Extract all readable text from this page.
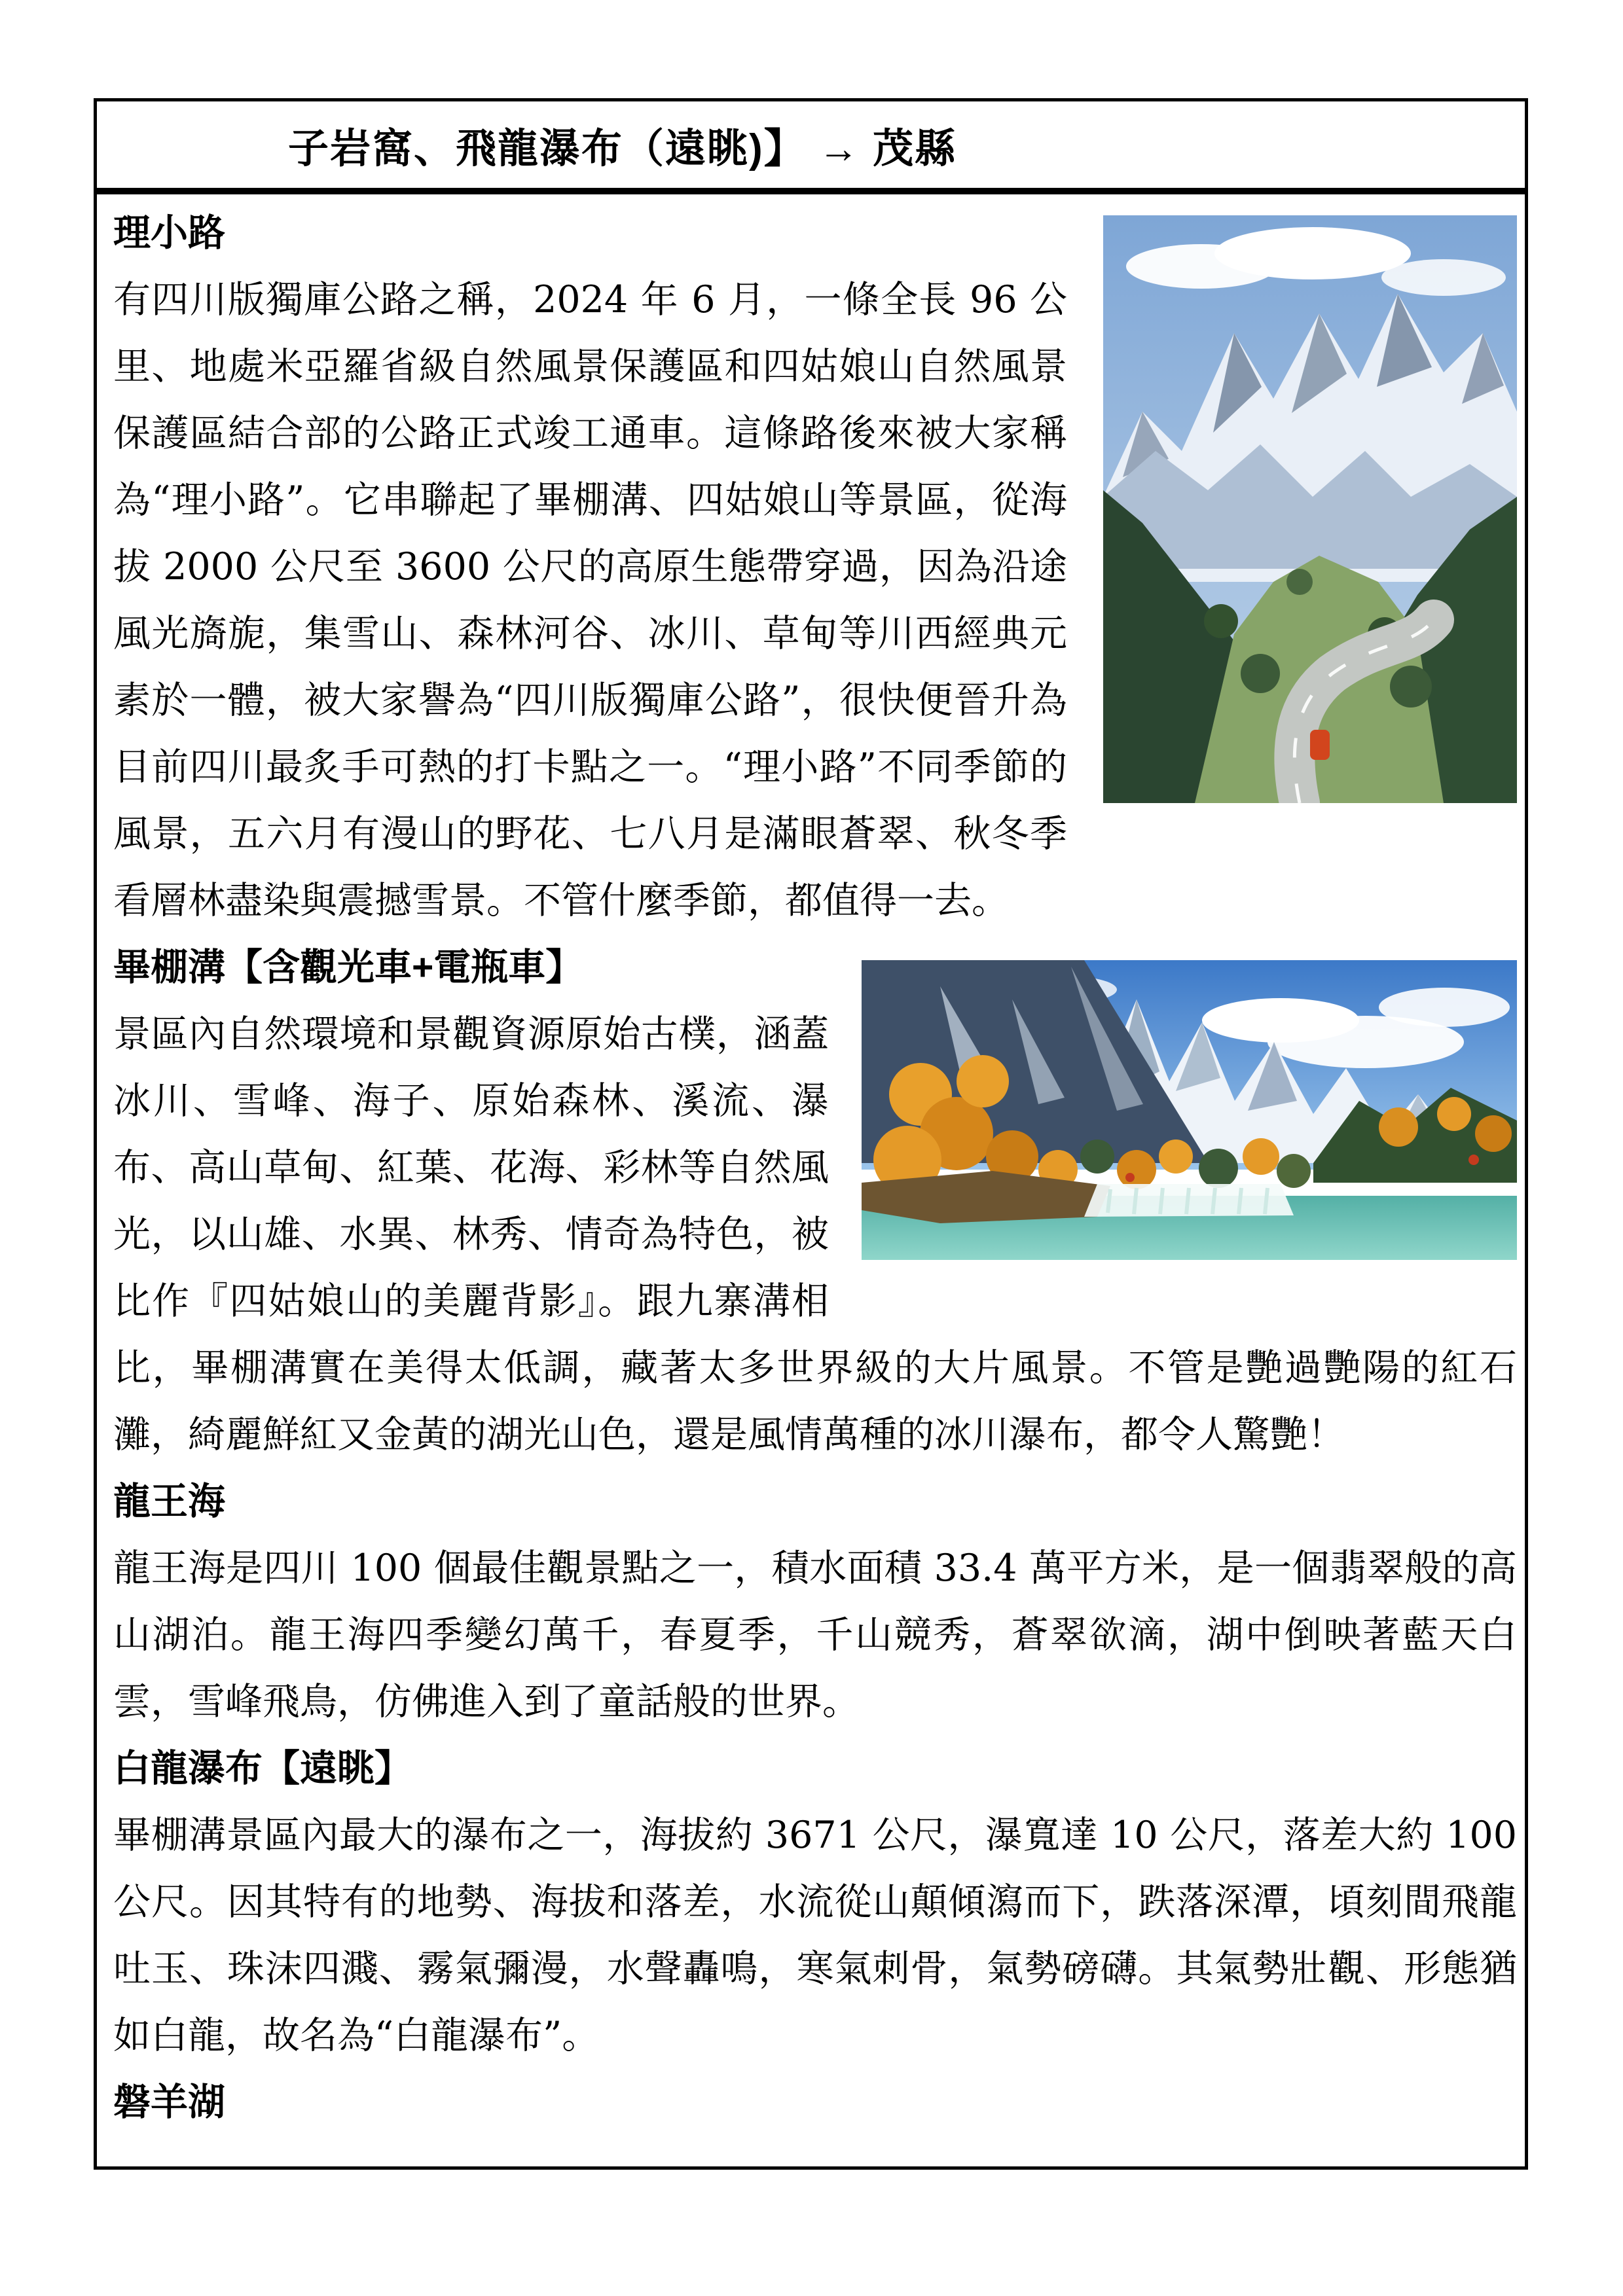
子岩窩、飛龍瀑布（遠眺)】 → 茂縣
理小路

有四川版獨庫公路之稱，2024 年 6 月，一條全長 96 公里、地處米亞羅省級自然風景保護區和四姑娘山自然風景保護區結合部的公路正式竣工通車。這條路後來被大家稱為“理小路”。它串聯起了畢棚溝、四姑娘山等景區，從海拔 2000 公尺至 3600 公尺的高原生態帶穿過，因為沿途風光旖旎，集雪山、森林河谷、冰川、草甸等川西經典元素於一體，被大家譽為“四川版獨庫公路”，很快便晉升為目前四川最炙手可熱的打卡點之一。“理小路”不同季節的風景，五六月有漫山的野花、七八月是滿眼蒼翠、秋冬季看層林盡染與震撼雪景。不管什麼季節，都值得一去。

畢棚溝【含觀光車+電瓶車】

景區內自然環境和景觀資源原始古樸，涵蓋冰川、雪峰、海子、原始森林、溪流、瀑布、高山草甸、紅葉、花海、彩林等自然風光，以山雄、水異、林秀、情奇為特色，被比作『四姑娘山的美麗背影』。跟九寨溝相比，畢棚溝實在美得太低調，藏著太多世界級的大片風景。不管是艷過艷陽的紅石灘，綺麗鮮紅又金黃的湖光山色，還是風情萬種的冰川瀑布，都令人驚艷！

龍王海

龍王海是四川 100 個最佳觀景點之一，積水面積 33.4 萬平方米，是一個翡翠般的高山湖泊。龍王海四季變幻萬千，春夏季，千山競秀，蒼翠欲滴，湖中倒映著藍天白雲，雪峰飛鳥，仿佛進入到了童話般的世界。

白龍瀑布【遠眺】

畢棚溝景區內最大的瀑布之一，海拔約 3671 公尺，瀑寬達 10 公尺，落差大約 100 公尺。因其特有的地勢、海拔和落差，水流從山顛傾瀉而下，跌落深潭，頃刻間飛龍吐玉、珠沫四濺、霧氣彌漫，水聲轟鳴，寒氣刺骨，氣勢磅礴。其氣勢壯觀、形態猶如白龍，故名為“白龍瀑布”。

磐羊湖
